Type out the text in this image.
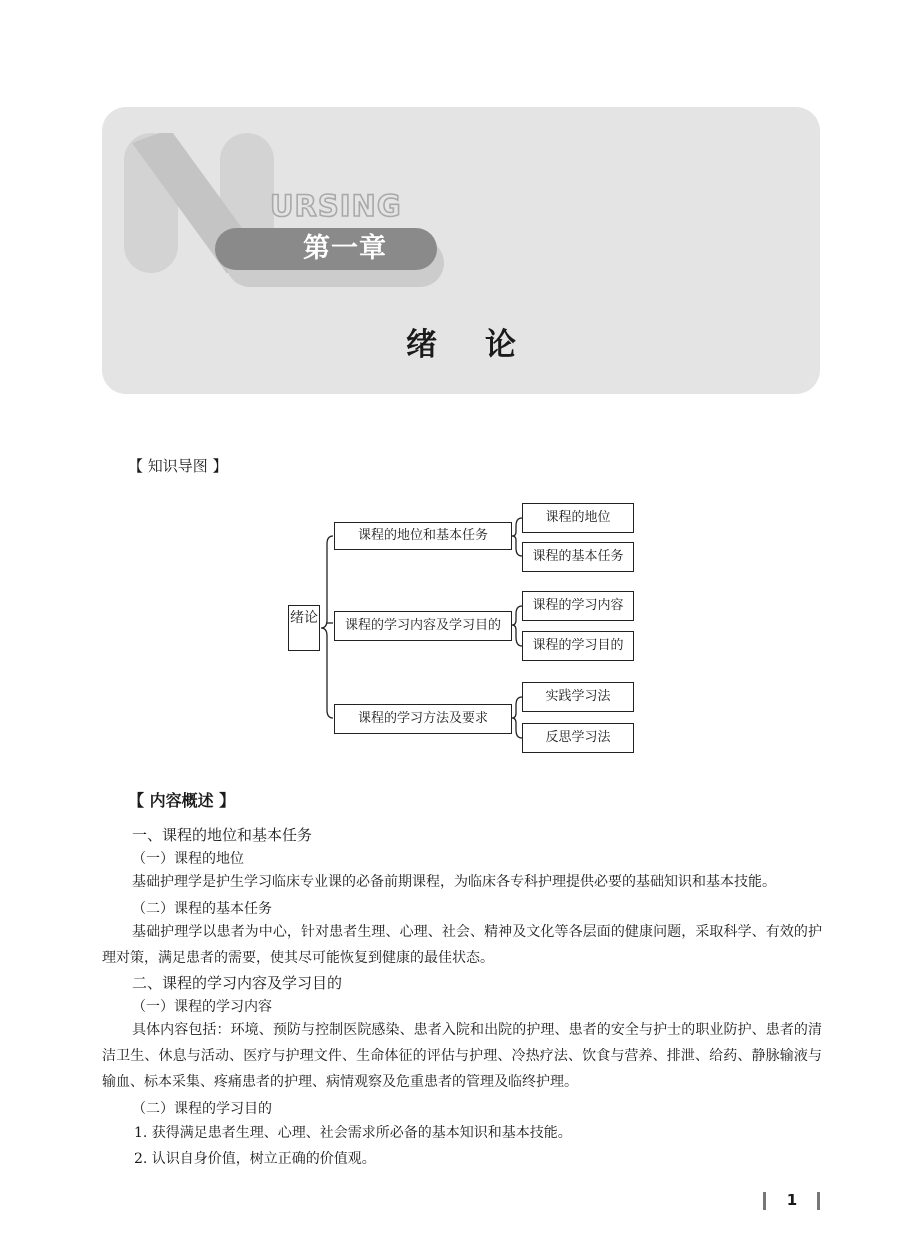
URSING
第一章
绪论
【 知识导图 】
绪论
课程的地位和基本任务
课程的学习内容及学习目的
课程的学习方法及要求
课程的地位
课程的基本任务
课程的学习内容
课程的学习目的
实践学习法
反思学习法
【 内容概述 】
一、课程的地位和基本任务
（一）课程的地位

基础护理学是护生学习临床专业课的必备前期课程，为临床各专科护理提供必要的基础知识和基本技能。

（二）课程的基本任务

基础护理学以患者为中心，针对患者生理、心理、社会、精神及文化等各层面的健康问题，采取科学、有效的护理对策，满足患者的需要，使其尽可能恢复到健康的最佳状态。

二、课程的学习内容及学习目的
（一）课程的学习内容

具体内容包括：环境、预防与控制医院感染、患者入院和出院的护理、患者的安全与护士的职业防护、患者的清洁卫生、休息与活动、医疗与护理文件、生命体征的评估与护理、冷热疗法、饮食与营养、排泄、给药、静脉输液与输血、标本采集、疼痛患者的护理、病情观察及危重患者的管理及临终护理。

（二）课程的学习目的
1. 获得满足患者生理、心理、社会需求所必备的基本知识和基本技能。
2. 认识自身价值，树立正确的价值观。
1
